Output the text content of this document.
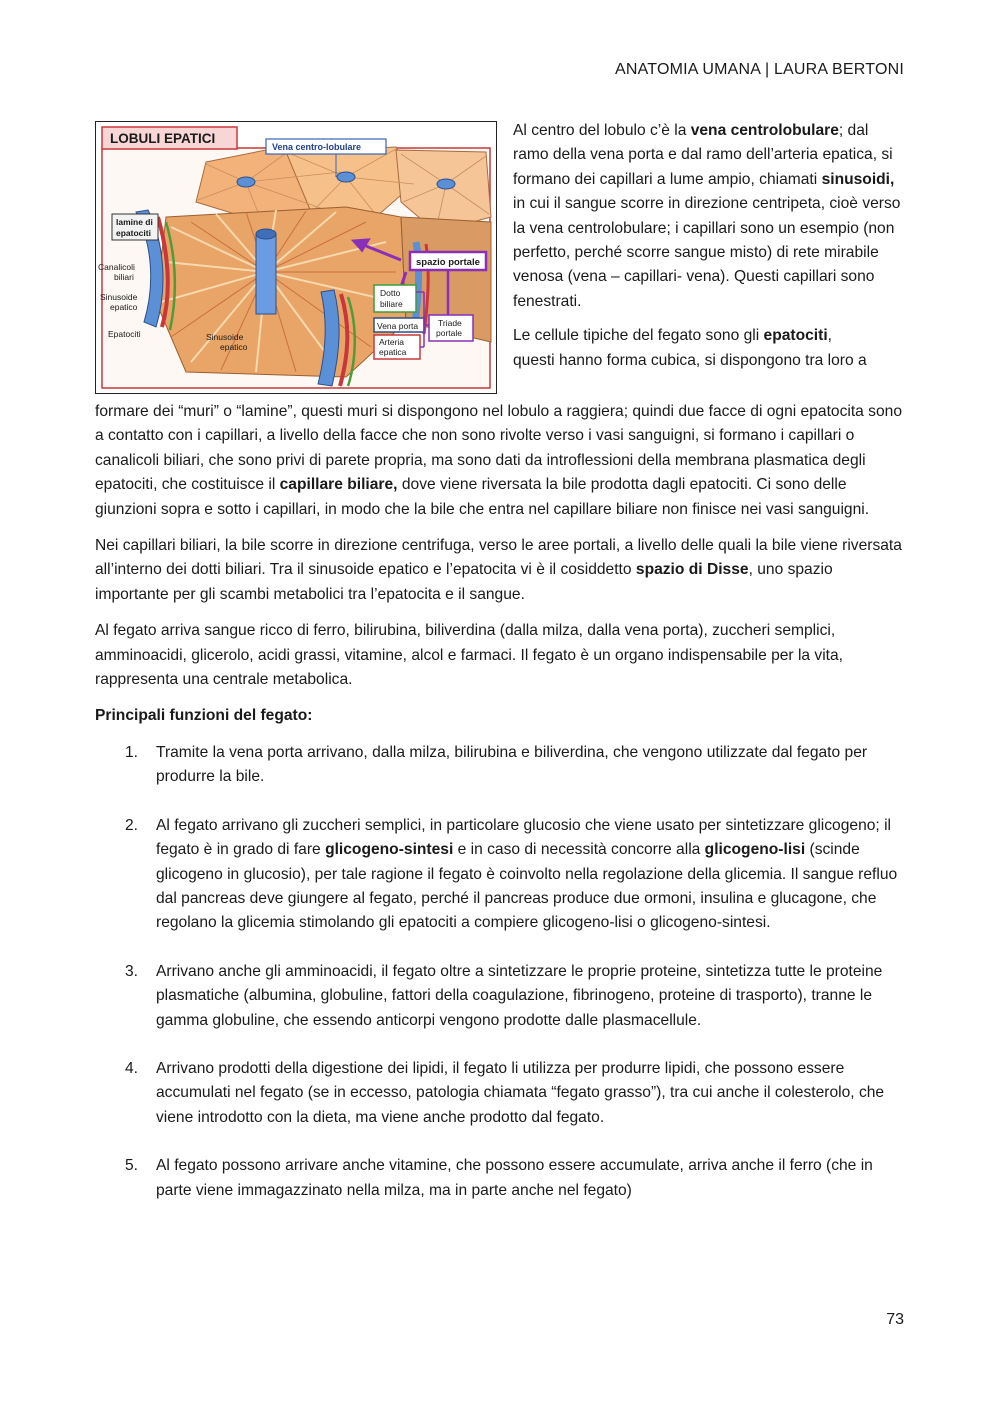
ANATOMIA UMANA | LAURA BERTONI
LOBULI EPATICI
Vena centro-lobulare
lamine di
epatociti
Canalicoli
biliari
Sinusoide
epatico
Epatociti	Sinusoide
epatico
spazio portale
Dotto
biliare
Vena porta
Arteria
epatica
Triade
portale

Al centro del lobulo c’è la vena centrolobulare; dal ramo della vena porta e dal ramo dell’arteria epatica, si formano dei capillari a lume ampio, chiamati sinusoidi, in cui il sangue scorre in direzione centripeta, cioè verso la vena centrolobulare; i capillari sono un esempio (non perfetto, perché scorre sangue misto) di rete mirabile venosa (vena – capillari- vena). Questi capillari sono fenestrati.

Le cellule tipiche del fegato sono gli epatociti,
questi hanno forma cubica, si dispongono tra loro a

formare dei “muri” o “lamine”, questi muri si dispongono nel lobulo a raggiera; quindi due facce di ogni epatocita sono a contatto con i capillari, a livello della facce che non sono rivolte verso i vasi sanguigni, si formano i capillari o canalicoli biliari, che sono privi di parete propria, ma sono dati da introflessioni della membrana plasmatica degli epatociti, che costituisce il capillare biliare, dove viene riversata la bile prodotta dagli epatociti. Ci sono delle giunzioni sopra e sotto i capillari, in modo che la bile che entra nel capillare biliare non finisce nei vasi sanguigni.

Nei capillari biliari, la bile scorre in direzione centrifuga, verso le aree portali, a livello delle quali la bile viene riversata all’interno dei dotti biliari. Tra il sinusoide epatico e l’epatocita vi è il cosiddetto spazio di Disse, uno spazio importante per gli scambi metabolici tra l’epatocita e il sangue.

Al fegato arriva sangue ricco di ferro, bilirubina, biliverdina (dalla milza, dalla vena porta), zuccheri semplici, amminoacidi, glicerolo, acidi grassi, vitamine, alcol e farmaci. Il fegato è un organo indispensabile per la vita, rappresenta una centrale metabolica.

Principali funzioni del fegato:

1. Tramite la vena porta arrivano, dalla milza, bilirubina e biliverdina, che vengono utilizzate dal fegato per produrre la bile.
2. Al fegato arrivano gli zuccheri semplici, in particolare glucosio che viene usato per sintetizzare glicogeno; il fegato è in grado di fare glicogeno-sintesi e in caso di necessità concorre alla glicogeno-lisi (scinde glicogeno in glucosio), per tale ragione il fegato è coinvolto nella regolazione della glicemia. Il sangue refluo dal pancreas deve giungere al fegato, perché il pancreas produce due ormoni, insulina e glucagone, che regolano la glicemia stimolando gli epatociti a compiere glicogeno-lisi o glicogeno-sintesi.
3. Arrivano anche gli amminoacidi, il fegato oltre a sintetizzare le proprie proteine, sintetizza tutte le proteine plasmatiche (albumina, globuline, fattori della coagulazione, fibrinogeno, proteine di trasporto), tranne le gamma globuline, che essendo anticorpi vengono prodotte dalle plasmacellule.
4. Arrivano prodotti della digestione dei lipidi, il fegato li utilizza per produrre lipidi, che possono essere accumulati nel fegato (se in eccesso, patologia chiamata “fegato grasso”), tra cui anche il colesterolo, che viene introdotto con la dieta, ma viene anche prodotto dal fegato.
5. Al fegato possono arrivare anche vitamine, che possono essere accumulate, arriva anche il ferro (che in parte viene immagazzinato nella milza, ma in parte anche nel fegato)
73
